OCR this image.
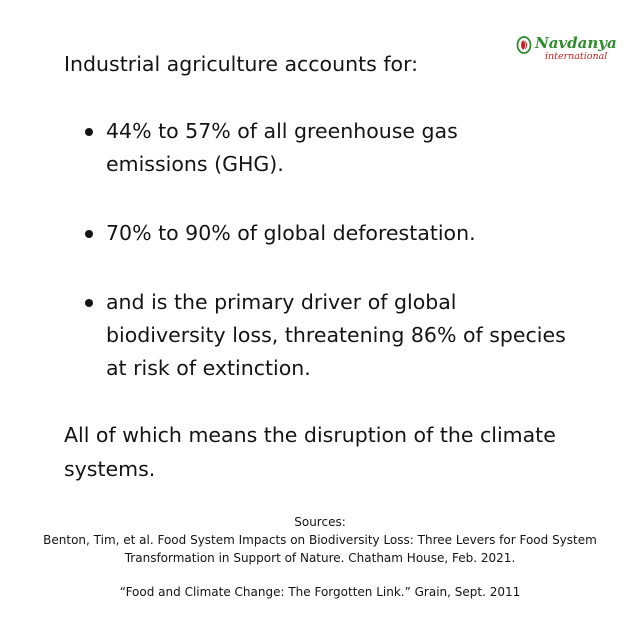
Navdanya
international
Industrial agriculture accounts for:
44% to 57% of all greenhouse gas
emissions (GHG).
70% to 90% of global deforestation.
and is the primary driver of global
biodiversity loss, threatening 86% of species
at risk of extinction.
All of which means the disruption of the climate
systems.
Sources:
Benton, Tim, et al. Food System Impacts on Biodiversity Loss: Three Levers for Food System
Transformation in Support of Nature. Chatham House, Feb. 2021.
“Food and Climate Change: The Forgotten Link.” Grain, Sept. 2011
